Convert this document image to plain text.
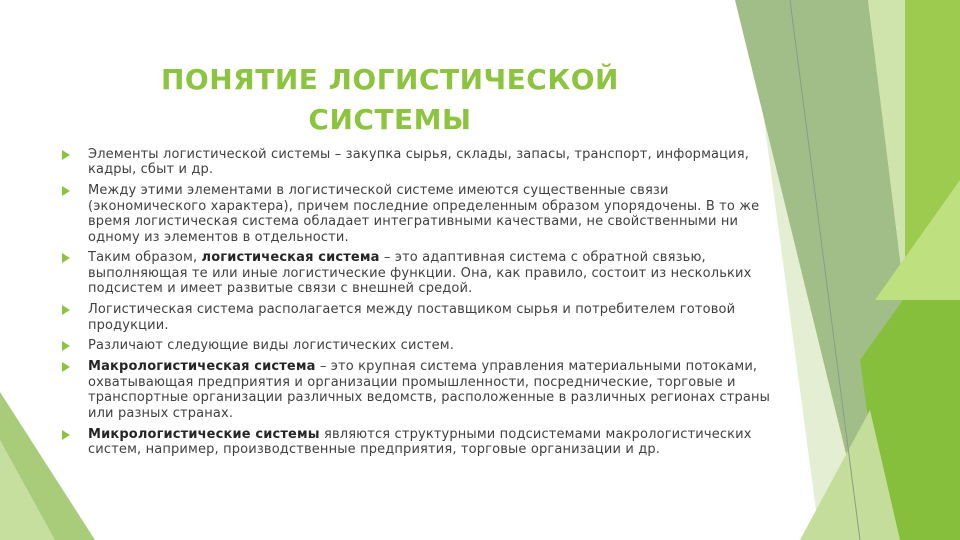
ПОНЯТИЕ ЛОГИСТИЧЕСКОЙ
СИСТЕМЫ
Элементы логистической системы – закупка сырья, склады, запасы, транспорт, информация, кадры, сбыт и др.
Между этими элементами в логистической системе имеются существенные связи (экономического характера), причем последние определенным образом упорядочены. В то же время логистическая система обладает интегративными качествами, не свойственными ни одному из элементов в отдельности.
Таким образом, логистическая система – это адаптивная система с обратной связью, выполняющая те или иные логистические функции. Она, как правило, состоит из нескольких подсистем и имеет развитые связи с внешней средой.
Логистическая система располагается между поставщиком сырья и потребителем готовой продукции.
Различают следующие виды логистических систем.
Макрологистическая система – это крупная система управления материальными потоками, охватывающая предприятия и организации промышленности, посреднические, торговые и транспортные организации различных ведомств, расположенные в различных регионах страны или разных странах.
Микрологистические системы являются структурными подсистемами макрологистических систем, например, производственные предприятия, торговые организации и др.
